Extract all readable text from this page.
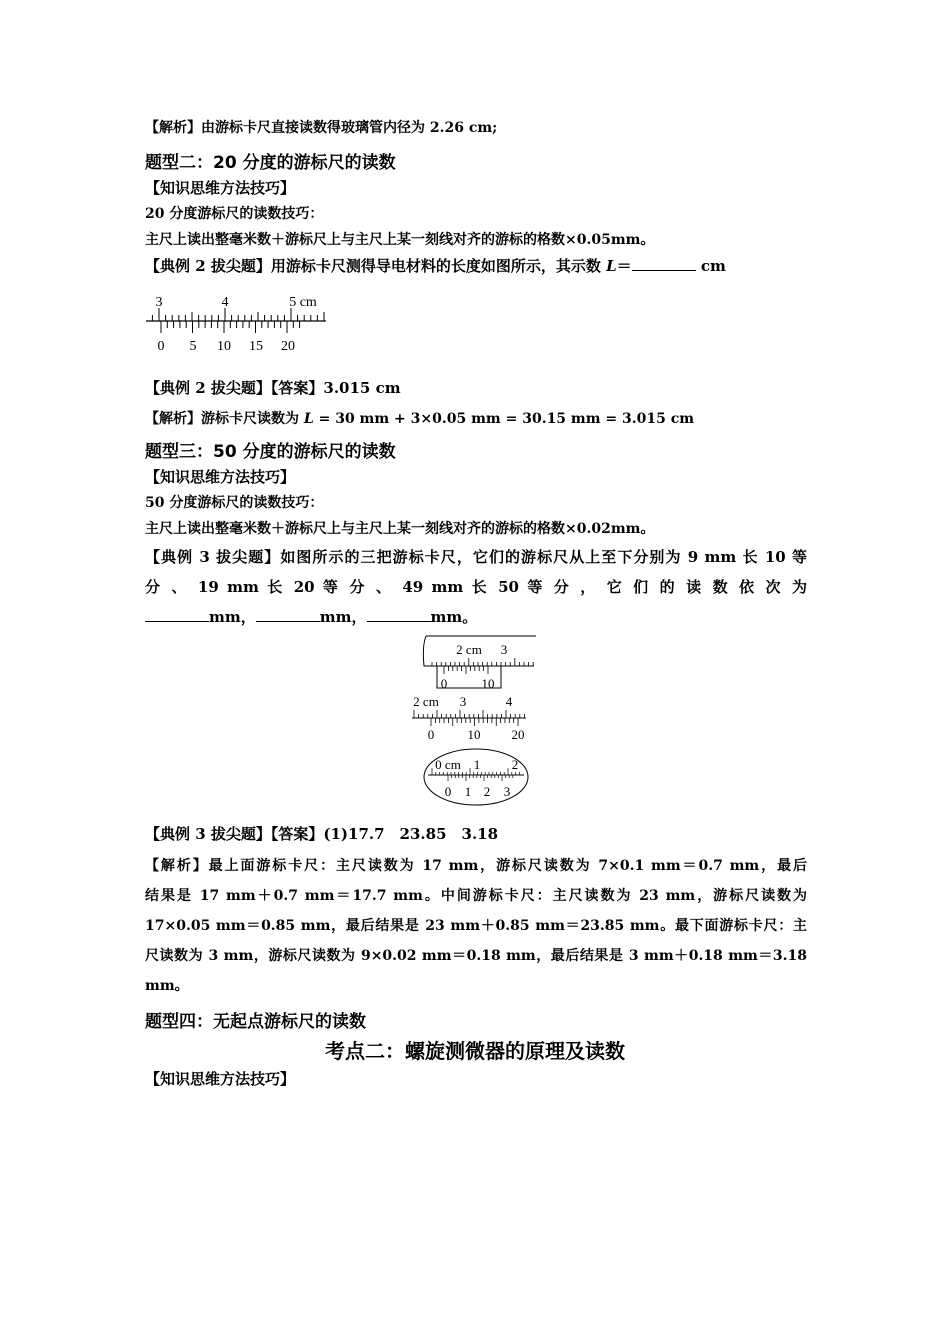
【解析】由游标卡尺直接读数得玻璃管内径为 2.26 cm;
题型二：20 分度的游标尺的读数
【知识思维方法技巧】
20 分度游标尺的读数技巧：
主尺上读出整毫米数＋游标尺上与主尺上某一刻线对齐的游标的格数×0.05mm。
【典例 2 拔尖题】用游标卡尺测得导电材料的长度如图所示，其示数 L＝	cm
3	4	5 cm
0 5 10 15 20
【典例 2 拔尖题】【答案】3.015 cm
【解析】游标卡尺读数为 L = 30 mm + 3×0.05 mm = 30.15 mm = 3.015 cm
题型三：50 分度的游标尺的读数
【知识思维方法技巧】
50 分度游标尺的读数技巧：
主尺上读出整毫米数＋游标尺上与主尺上某一刻线对齐的游标的格数×0.02mm。
【典例 3 拔尖题】如图所示的三把游标卡尺，它们的游标尺从上至下分别为 9 mm 长 10 等
分 、 19 mm 长 20 等 分 、 49 mm 长 50 等 分 ， 它 们 的 读 数 依 次 为
mm，	mm，	mm。
2 cm 3
0	10
2 cm 3	4
0	10 20
0 cm 1 2
0 1 2 3
【典例 3 拔尖题】【答案】(1)17.7　23.85　3.18
【解析】最上面游标卡尺：主尺读数为 17 mm，游标尺读数为 7×0.1 mm＝0.7 mm，最后
结果是 17 mm＋0.7 mm＝17.7 mm。中间游标卡尺：主尺读数为 23 mm，游标尺读数为
17×0.05 mm＝0.85 mm，最后结果是 23 mm＋0.85 mm＝23.85 mm。最下面游标卡尺：主
尺读数为 3 mm，游标尺读数为 9×0.02 mm＝0.18 mm，最后结果是 3 mm＋0.18 mm＝3.18
mm。
题型四：无起点游标尺的读数
考点二：螺旋测微器的原理及读数
【知识思维方法技巧】
